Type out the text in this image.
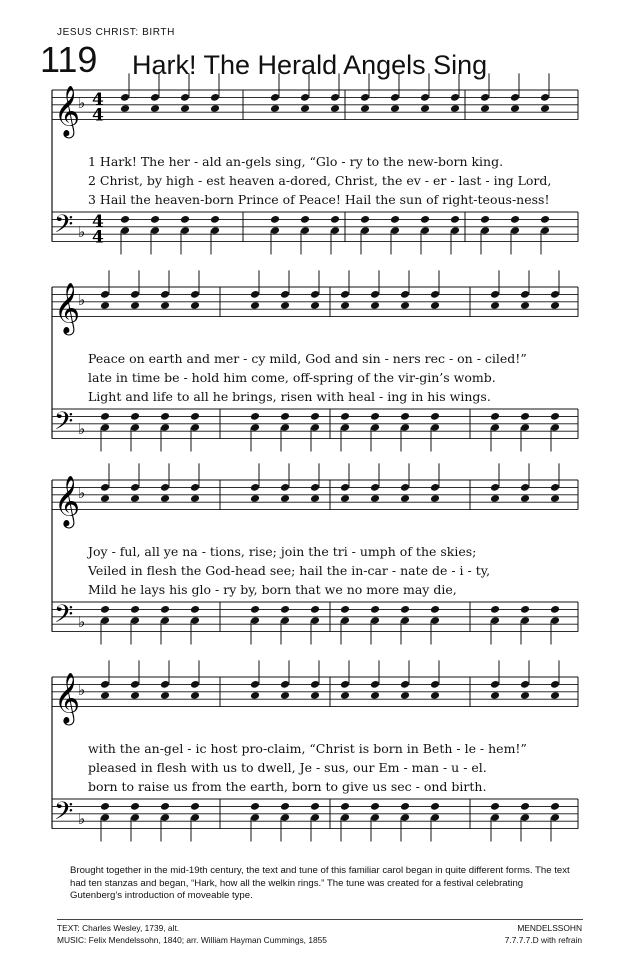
JESUS CHRIST: BIRTH
119 Hark! The Herald Angels Sing
𝄞
♭ 4
4
𝄢 ♭
4
4
𝄞
♭
𝄢 ♭
𝄞
♭
𝄢 ♭
𝄞
♭
𝄢 ♭
1 Hark! The her - ald an-gels sing, “Glo - ry to the new-born king.
2 Christ, by high - est heaven a-dored, Christ, the ev - er - last - ing Lord,
3 Hail the heaven-born Prince of Peace! Hail the sun of right-teous-ness!
Peace on earth and mer - cy mild, God and sin - ners rec - on - ciled!”
late in time be - hold him come, off-spring of the vir-gin’s womb.
Light and life to all he brings, risen with heal - ing in his wings.
Joy - ful, all ye na - tions, rise; join the tri - umph of the skies;
Veiled in flesh the God-head see; hail the in-car - nate de - i - ty,
Mild he lays his glo - ry by, born that we no more may die,
with the an-gel - ic host pro-claim, “Christ is born in Beth - le - hem!”
pleased in flesh with us to dwell, Je - sus, our Em - man - u - el.
born to raise us from the earth, born to give us sec - ond birth.
Brought together in the mid-19th century, the text and tune of this familiar carol began in quite different forms. The text had ten stanzas and began, “Hark, how all the welkin rings.” The tune was created for a festival celebrating Gutenberg’s introduction of moveable type.
TEXT: Charles Wesley, 1739, alt.
MUSIC: Felix Mendelssohn, 1840; arr. William Hayman Cummings, 1855
MENDELSSOHN
7.7.7.7.D with refrain
